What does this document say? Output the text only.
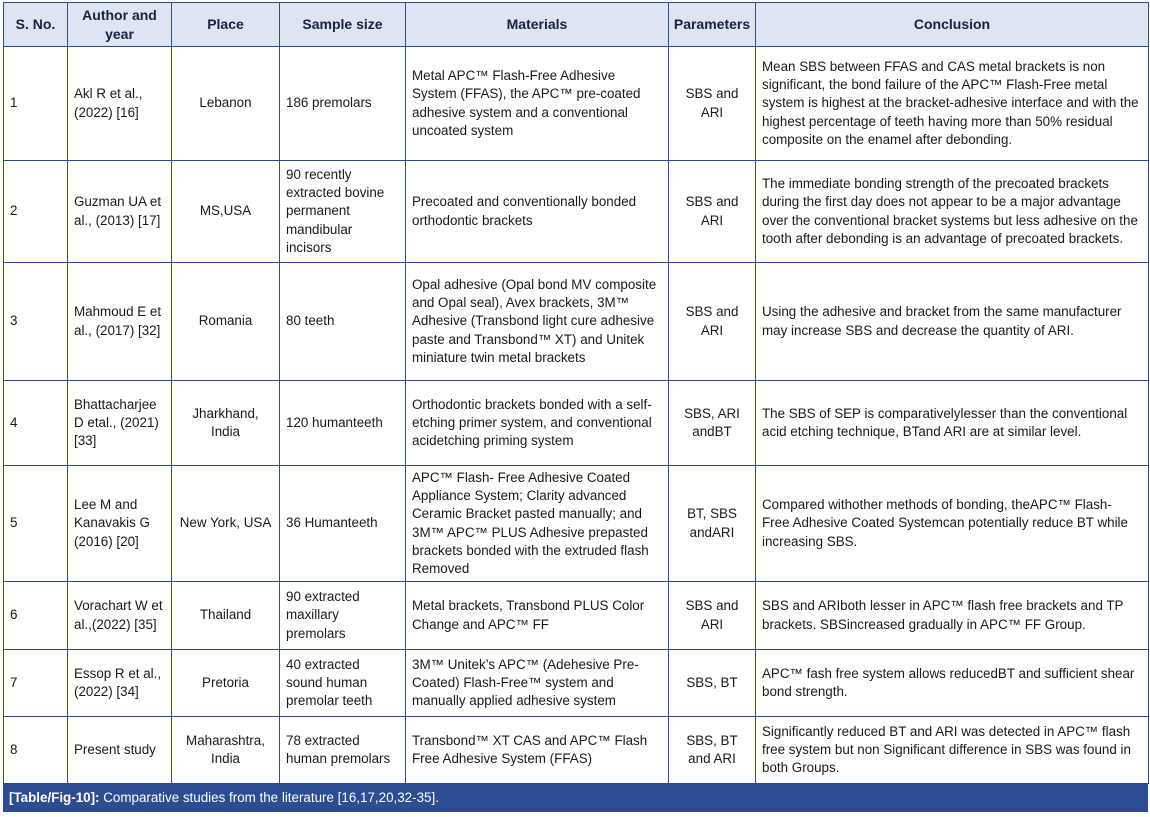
S. No.	Author and year	Place	Sample size	Materials	Parameters	Conclusion
1	Akl R et al., (2022) [16]	Lebanon	186 premolars	Metal APC™ Flash-Free Adhesive System (FFAS), the APC™ pre-coated adhesive system and a conventional uncoated system	SBS and ARI	Mean SBS between FFAS and CAS metal brackets is non significant, the bond failure of the APC™ Flash-Free metal system is highest at the bracket-adhesive interface and with the highest percentage of teeth having more than 50% residual composite on the enamel after debonding.
2	Guzman UA et al., (2013) [17]	MS,USA	90 recently extracted bovine permanent mandibular incisors	Precoated and conventionally bonded orthodontic brackets	SBS and ARI	The immediate bonding strength of the precoated brackets during the first day does not appear to be a major advantage over the conventional bracket systems but less adhesive on the tooth after debonding is an advantage of precoated brackets.
3	Mahmoud E et al., (2017) [32]	Romania	80 teeth	Opal adhesive (Opal bond MV composite and Opal seal), Avex brackets, 3M™ Adhesive (Transbond light cure adhesive paste and Transbond™ XT) and Unitek miniature twin metal brackets	SBS and ARI	Using the adhesive and bracket from the same manufacturer may increase SBS and decrease the quantity of ARI.
4	Bhattacharjee D etal., (2021) [33]	Jharkhand, India	120 humanteeth	Orthodontic brackets bonded with a self- etching primer system, and conventional acidetching priming system	SBS, ARI andBT	The SBS of SEP is comparativelylesser than the conventional acid etching technique, BTand ARI are at similar level.
5	Lee M and Kanavakis G (2016) [20]	New York, USA	36 Humanteeth	APC™ Flash- Free Adhesive Coated Appliance System; Clarity advanced Ceramic Bracket pasted manually; and 3M™ APC™ PLUS Adhesive prepasted brackets bonded with the extruded flash Removed	BT, SBS andARI	Compared withother methods of bonding, theAPC™ Flash- Free Adhesive Coated Systemcan potentially reduce BT while increasing SBS.
6	Vorachart W et al.,(2022) [35]	Thailand	90 extracted maxillary premolars	Metal brackets, Transbond PLUS Color Change and APC™ FF	SBS and ARI	SBS and ARIboth lesser in APC™ flash free brackets and TP brackets. SBSincreased gradually in APC™ FF Group.
7	Essop R et al., (2022) [34]	Pretoria	40 extracted sound human premolar teeth	3M™ Unitek’s APC™ (Adehesive Pre-Coated) Flash-Free™ system and manually applied adhesive system	SBS, BT	APC™ fash free system allows reducedBT and sufficient shear bond strength.
8	Present study	Maharashtra, India	78 extracted human premolars	Transbond™ XT CAS and APC™ Flash Free Adhesive System (FFAS)	SBS, BT and ARI	Significantly reduced BT and ARI was detected in APC™ flash free system but non Significant difference in SBS was found in both Groups.
[Table/Fig-10]: Comparative studies from the literature [16,17,20,32-35].
